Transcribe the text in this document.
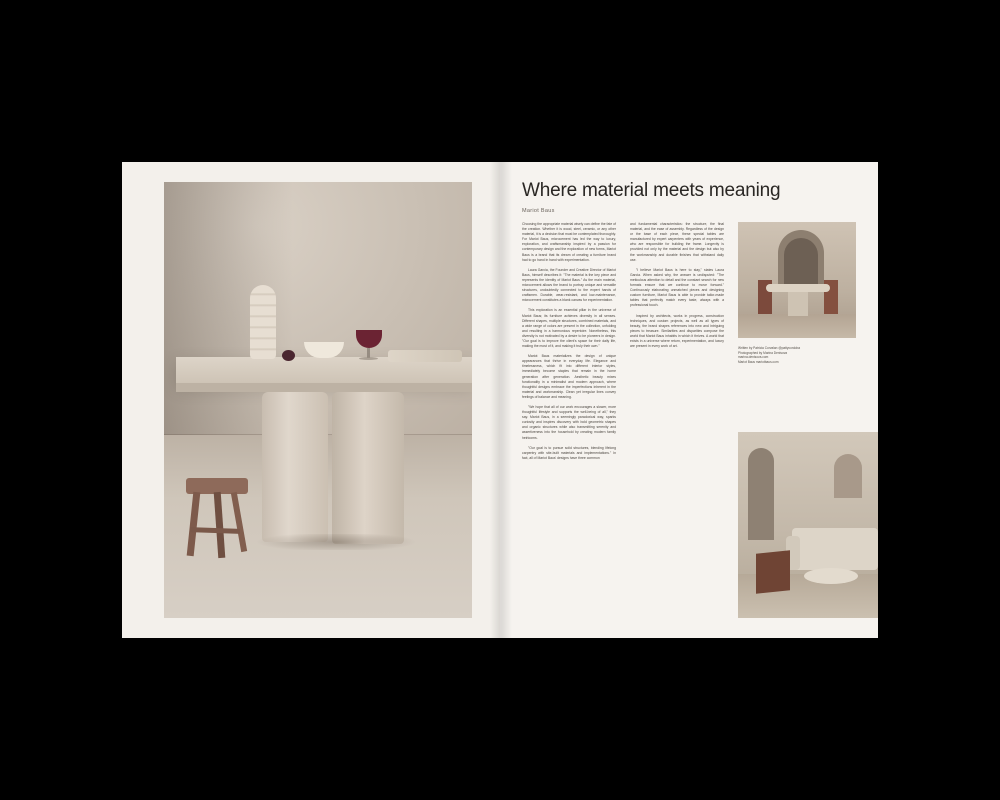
Where material meets meaning
Mariot Baus

Choosing the appropriate material wisely can define the fate of the creation. Whether it is wood, steel, ceramic, or any other material, it is a decision that must be contemplated thoroughly. For Mariot Baus, microcement has led the way to luxury, exploration, and craftsmanship inspired by a passion for contemporary design and the exploration of new forms, Mariot Baus is a brand that its dream of creating a furniture brand had to go hand in hand with experimentation.

Laura Garcia, the Founder and Creative Director of Mariot Baus, himself describes it: "The material is the key piece and represents the identity of Mariot Baus." As the main material, microcement allows the brand to portray unique and versatile structures, undoubtedly connected to the expert hands of craftsmen. Durable, wear-resistant, and low-maintenance, microcement constitutes a blank canvas for experimentation.

This exploration is an essential pillar in the universe of Mariot Baus; its furniture achieves diversity in all senses. Different shapes, multiple structures, combined materials, and a wide range of colors are present in the collection, unfolding and resulting in a harmonious repertoire. Nonetheless, this diversity is not motivated by a desire to be pioneers in design. "Our goal is to improve the client's space for their daily life, making the most of it, and making it truly their own."

Mariot Baus materializes the design of unique appearances that thrive in everyday life. Elegance and timelessness, which fit into different interior styles, immediately become staples that remain in the home generation after generation. Aesthetic beauty mixes functionality in a minimalist and modern approach, where thoughtful designs embrace the imperfections inherent in the material and workmanship. Clean yet irregular lines convey feelings of balance and meaning.

"We hope that all of our work encourages a slower, more thoughtful lifestyle and supports the well-being of all," they say. Mariot Baus, in a seemingly paradoxical way, sparks curiosity and inspires discovery with bold geometric shapes and organic structures while also transmitting serenity and assertiveness into the household by creating modern family heirlooms.

"Our goal is to pursue solid structures, blending lifelong carpentry with site-built materials and implementations." In fact, all of Mariot Baus' designs have three common

and fundamental characteristics: the structure, the final material, and the ease of assembly. Regardless of the design or the base of each piece, these special tables are manufactured by expert carpenters with years of experience, who are responsible for building the frame. Longevity is provided not only by the material and the design but also by the workmanship and durable finishes that withstand daily use.

"I believe Mariot Baus is here to stay," states Laura Garcia. When asked why, the answer is undisputed: "The meticulous attention to detail and the constant search for new formats ensure that we continue to move forward." Continuously elaborating unmatched pieces and designing custom furniture, Mariot Baus is able to provide tailor-made tables that perfectly match every taste, always with a professional touch.

Inspired by architects, works in progress, construction techniques, and custom projects, as well as all types of beauty, the brand shapes references into new and intriguing pieces to treasure. Similarities and disparities compose the world that Mariot Baus inhabits in which it thrives. A world that exists in a universe where return, experimentation, and luxury are present in every work of art.	Written by Patricia Corvalan @pattycordoba
Photographed by Marina Denisova
marina.denisova.com
Mariot Baus mariotbaus.com
